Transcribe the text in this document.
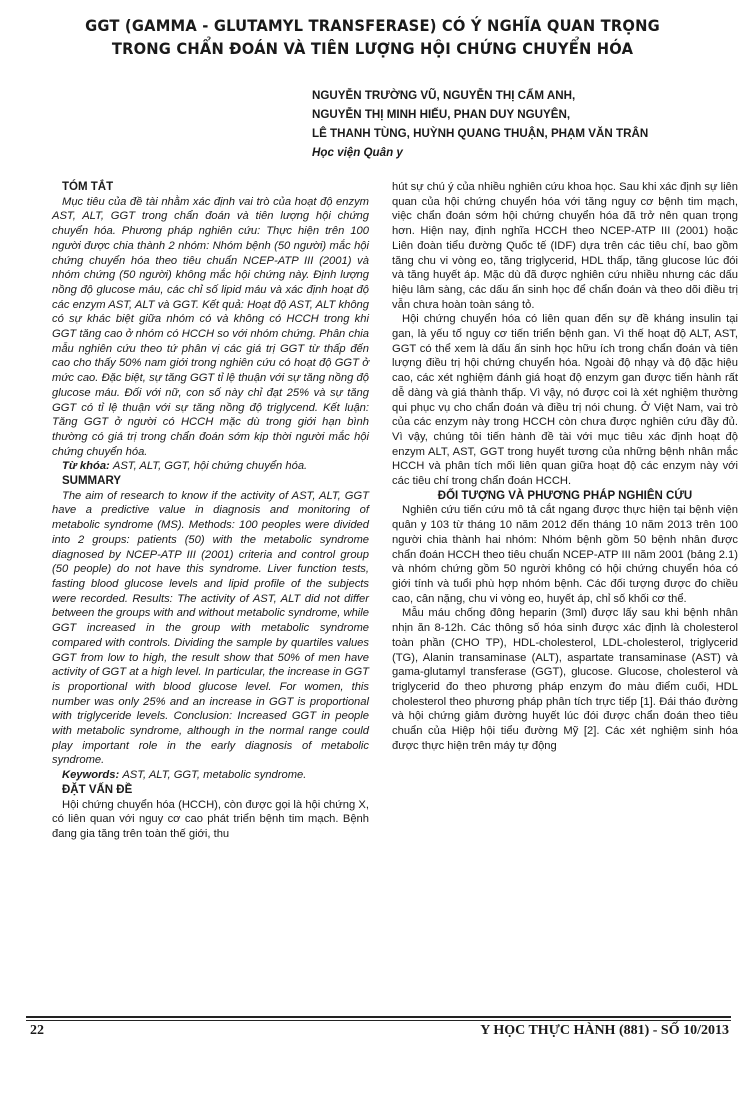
GGT (GAMMA - GLUTAMYL TRANSFERASE) CÓ Ý NGHĨA QUAN TRỌNG
TRONG CHẨN ĐOÁN VÀ TIÊN LƯỢNG HỘI CHỨNG CHUYỂN HÓA
NGUYỄN TRƯỜNG VŨ, NGUYỄN THỊ CẨM ANH,
NGUYỄN THỊ MINH HIẾU, PHAN DUY NGUYÊN,
LÊ THANH TÙNG, HUỲNH QUANG THUẬN, PHẠM VĂN TRÂN
Học viện Quân y

TÓM TẮT

Mục tiêu của đề tài nhằm xác định vai trò của hoạt độ enzym AST, ALT, GGT trong chẩn đoán và tiên lượng hội chứng chuyển hóa. Phương pháp nghiên cứu: Thực hiện trên 100 người được chia thành 2 nhóm: Nhóm bệnh (50 người) mắc hội chứng chuyển hóa theo tiêu chuẩn NCEP-ATP III (2001) và nhóm chứng (50 người) không mắc hội chứng này. Định lượng nồng độ glucose máu, các chỉ số lipid máu và xác định hoạt độ các enzym AST, ALT và GGT. Kết quả: Hoạt độ AST, ALT không có sự khác biệt giữa nhóm có và không có HCCH trong khi GGT tăng cao ở nhóm có HCCH so với nhóm chứng. Phân chia mẫu nghiên cứu theo tứ phân vị các giá trị GGT từ thấp đến cao cho thấy 50% nam giới trong nghiên cứu có hoạt độ GGT ở mức cao. Đặc biệt, sự tăng GGT tỉ lệ thuận với sự tăng nồng độ glucose máu. Đối với nữ, con số này chỉ đạt 25% và sự tăng GGT có tỉ lệ thuận với sự tăng nồng độ triglycend. Kết luận: Tăng GGT ở người có HCCH mặc dù trong giới hạn bình thường có giá trị trong chẩn đoán sớm kịp thời người mắc hội chứng chuyển hóa.

Từ khóa: AST, ALT, GGT, hội chứng chuyển hóa.

SUMMARY

The aim of research to know if the activity of AST, ALT, GGT have a predictive value in diagnosis and monitoring of metabolic syndrome (MS). Methods: 100 peoples were divided into 2 groups: patients (50) with the metabolic syndrome diagnosed by NCEP-ATP III (2001) criteria and control group (50 people) do not have this syndrome. Liver function tests, fasting blood glucose levels and lipid profile of the subjects were recorded. Results: The activity of AST, ALT did not differ between the groups with and without metabolic syndrome, while GGT increased in the group with metabolic syndrome compared with controls. Dividing the sample by quartiles values GGT from low to high, the result show that 50% of men have activity of GGT at a high level. In particular, the increase in GGT is proportional with blood glucose level. For women, this number was only 25% and an increase in GGT is proportional with triglyceride levels. Conclusion: Increased GGT in people with metabolic syndrome, although in the normal range could play important role in the early diagnosis of metabolic syndrome.

Keywords: AST, ALT, GGT, metabolic syndrome.

ĐẶT VẤN ĐỀ

Hội chứng chuyển hóa (HCCH), còn được gọi là hội chứng X, có liên quan với nguy cơ cao phát triển bệnh tim mạch. Bệnh đang gia tăng trên toàn thế giới, thu

hút sự chú ý của nhiều nghiên cứu khoa học. Sau khi xác định sự liên quan của hội chứng chuyển hóa với tăng nguy cơ bệnh tim mạch, việc chẩn đoán sớm hội chứng chuyển hóa đã trở nên quan trọng hơn. Hiện nay, định nghĩa HCCH theo NCEP-ATP III (2001) hoặc Liên đoàn tiểu đường Quốc tế (IDF) dựa trên các tiêu chí, bao gồm tăng chu vi vòng eo, tăng triglycerid, HDL thấp, tăng glucose lúc đói và tăng huyết áp. Mặc dù đã được nghiên cứu nhiều nhưng các dấu hiệu lâm sàng, các dấu ấn sinh học để chẩn đoán và theo dõi điều trị vẫn chưa hoàn toàn sáng tỏ.

Hội chứng chuyển hóa có liên quan đến sự đề kháng insulin tại gan, là yếu tố nguy cơ tiến triển bệnh gan. Vì thế hoạt độ ALT, AST, GGT có thể xem là dấu ấn sinh học hữu ích trong chẩn đoán và tiên lượng điều trị hội chứng chuyển hóa. Ngoài độ nhạy và độ đặc hiệu cao, các xét nghiệm đánh giá hoạt độ enzym gan được tiến hành rất dễ dàng và giá thành thấp. Vì vậy, nó được coi là xét nghiệm thường qui phục vụ cho chẩn đoán và điều trị nói chung. Ở Việt Nam, vai trò của các enzym này trong HCCH còn chưa được nghiên cứu đầy đủ. Vì vậy, chúng tôi tiến hành đề tài với mục tiêu xác định hoạt độ enzym ALT, AST, GGT trong huyết tương của những bệnh nhân mắc HCCH và phân tích mối liên quan giữa hoạt độ các enzym này với các tiêu chí trong chẩn đoán HCCH.

ĐỐI TƯỢNG VÀ PHƯƠNG PHÁP NGHIÊN CỨU

Nghiên cứu tiến cứu mô tả cắt ngang được thực hiện tại bệnh viện quân y 103 từ tháng 10 năm 2012 đến tháng 10 năm 2013 trên 100 người chia thành hai nhóm: Nhóm bệnh gồm 50 bệnh nhân được chẩn đoán HCCH theo tiêu chuẩn NCEP-ATP III năm 2001 (bảng 2.1) và nhóm chứng gồm 50 người không có hội chứng chuyển hóa có giới tính và tuổi phù hợp nhóm bệnh. Các đối tượng được đo chiều cao, cân nặng, chu vi vòng eo, huyết áp, chỉ số khối cơ thể.

Mẫu máu chống đông heparin (3ml) được lấy sau khi bệnh nhân nhịn ăn 8-12h. Các thông số hóa sinh được xác định là cholesterol toàn phần (CHO TP), HDL-cholesterol, LDL-cholesterol, triglycerid (TG), Alanin transaminase (ALT), aspartate transaminase (AST) và gama-glutamyl transferase (GGT), glucose. Glucose, cholesterol và triglycerid đo theo phương pháp enzym đo màu điểm cuối, HDL cholesterol theo phương pháp phân tích trực tiếp [1]. Đái tháo đường và hội chứng giảm đường huyết lúc đói được chẩn đoán theo tiêu chuẩn của Hiệp hội tiểu đường Mỹ [2]. Các xét nghiệm sinh hóa được thực hiện trên máy tự động

22	Y HỌC THỰC HÀNH (881) - SỐ 10/2013
